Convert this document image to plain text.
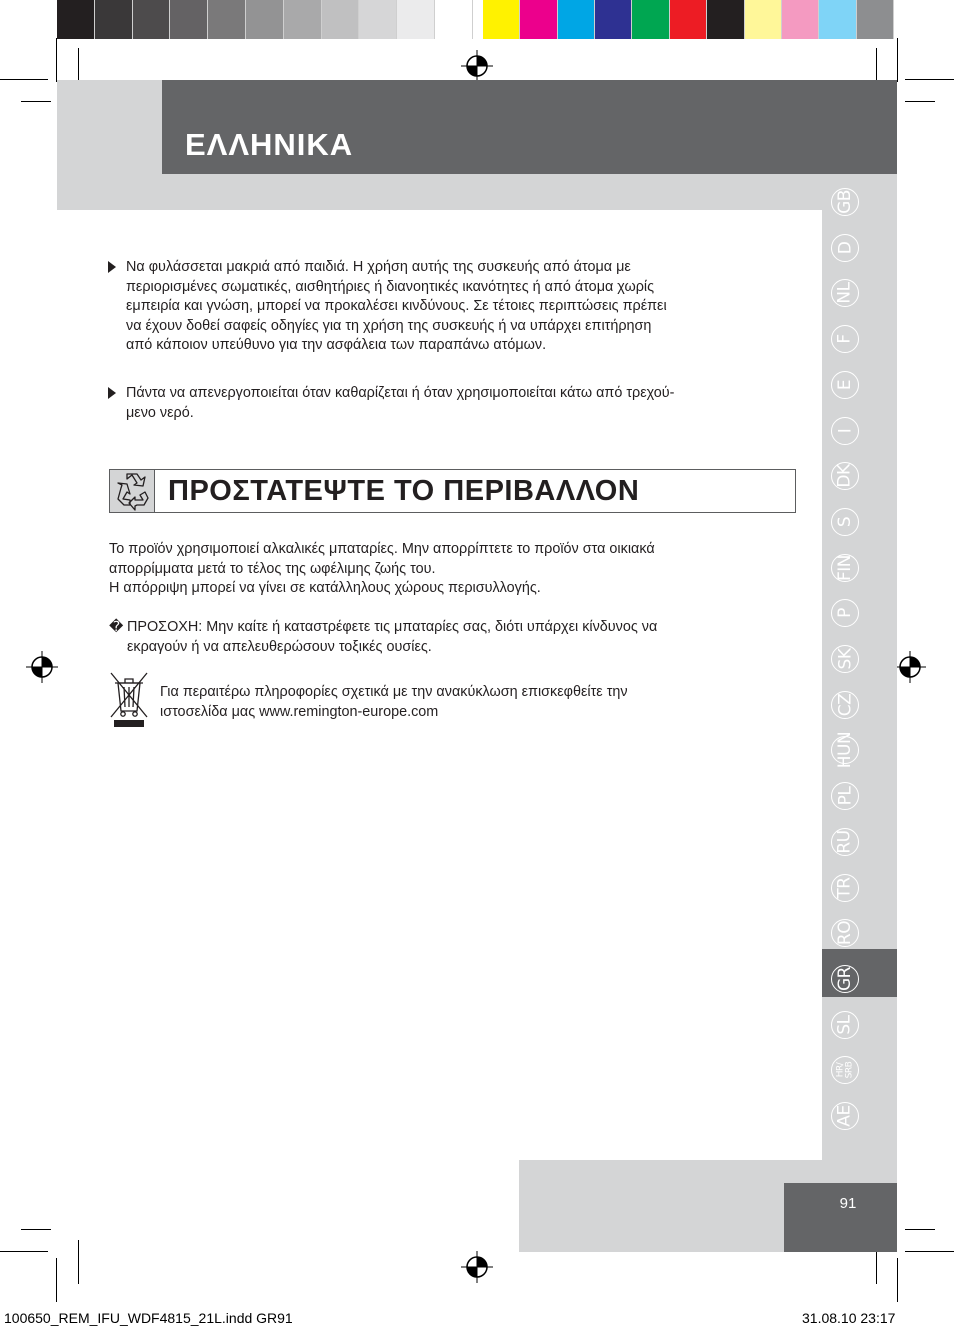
ΕΛΛΗΝΙΚΑ
GB
D
NL
F
E
I
DK
S
FIN
P
SK
CZ
HUN
PL
RU
TR
RO
GR
SL
HR/
SRB
AE
Να φυλάσσεται μακριά από παιδιά. Η χρήση αυτής της συσκευής από άτομα με
περιορισμένες σωματικές, αισθητήριες ή διανοητικές ικανότητες ή από άτομα χωρίς
εμπειρία και γνώση, μπορεί να προκαλέσει κινδύνους. Σε τέτοιες περιπτώσεις πρέπει
να έχουν δοθεί σαφείς οδηγίες για τη χρήση της συσκευής ή να υπάρχει επιτήρηση
από κάποιον υπεύθυνο για την ασφάλεια των παραπάνω ατόμων.
Πάντα να απενεργοποιείται όταν καθαρίζεται ή όταν χρησιμοποιείται κάτω από τρεχού-
μενο νερό.
ΠΡΟΣΤΑΤΕΨΤΕ ΤΟ ΠΕΡΙΒΑΛΛΟΝ
Το προϊόν χρησιμοποιεί αλκαλικές μπαταρίες. Μην απορρίπτετε το προϊόν στα οικιακά
απορρίμματα μετά το τέλος της ωφέλιμης ζωής του.
Η απόρριψη μπορεί να γίνει σε κατάλληλους χώρους περισυλλογής.
� ΠΡΟΣΟΧΗ: Μην καίτε ή καταστρέφετε τις μπαταρίες σας, διότι υπάρχει κίνδυνος να
εκραγούν ή να απελευθερώσουν τοξικές ουσίες.
Για περαιτέρω πληροφορίες σχετικά με την ανακύκλωση επισκεφθείτε την
ιστοσελίδα μας www.remington-europe.com
91
100650_REM_IFU_WDF4815_21L.indd GR91	31.08.10 23:17
